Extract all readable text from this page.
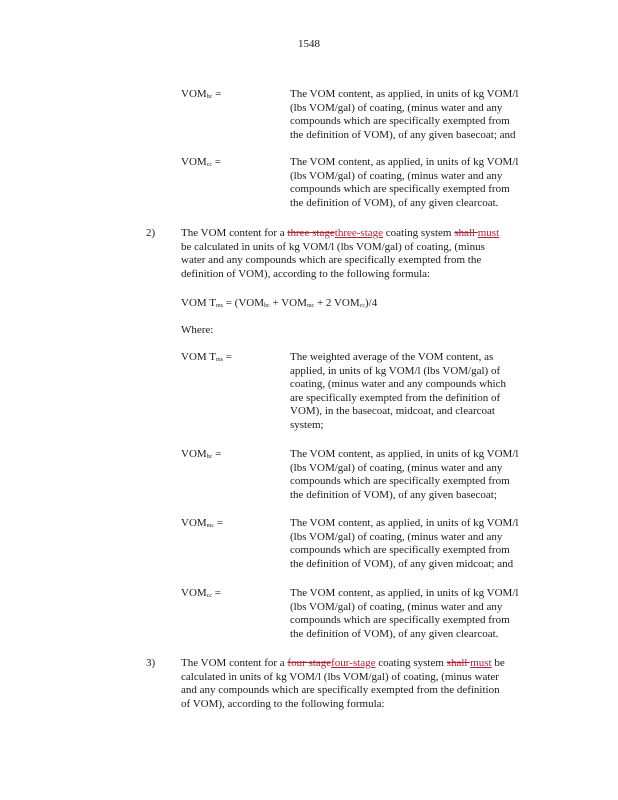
1548
$VOM_{bc}$ =	The VOM content, as applied, in units of kg VOM/l
(lbs VOM/gal) of coating, (minus water and any
compounds which are specifically exempted from
the definition of VOM), of any given basecoat; and
$VOM_{cc}$ =	The VOM content, as applied, in units of kg VOM/l
(lbs VOM/gal) of coating, (minus water and any
compounds which are specifically exempted from
the definition of VOM), of any given clearcoat.
2) The VOM content for a three stagethree-stage coating system shall must
be calculated in units of kg VOM/l (lbs VOM/gal) of coating, (minus
water and any compounds which are specifically exempted from the
definition of VOM), according to the following formula:
VOM $T_{ms} = (VOM_{bc} + VOM_{mc} + 2$ $VOM_{cc})/4$
Where:
VOM $T_{ms}$ =	The weighted average of the VOM content, as
applied, in units of kg VOM/l (lbs VOM/gal) of
coating, (minus water and any compounds which
are specifically exempted from the definition of
VOM), in the basecoat, midcoat, and clearcoat
system;
$VOM_{bc}$ =	The VOM content, as applied, in units of kg VOM/l
(lbs VOM/gal) of coating, (minus water and any
compounds which are specifically exempted from
the definition of VOM), of any given basecoat;
$VOM_{mc}$ =	The VOM content, as applied, in units of kg VOM/l
(lbs VOM/gal) of coating, (minus water and any
compounds which are specifically exempted from
the definition of VOM), of any given midcoat; and
$VOM_{cc}$ =	The VOM content, as applied, in units of kg VOM/l
(lbs VOM/gal) of coating, (minus water and any
compounds which are specifically exempted from
the definition of VOM), of any given clearcoat.
3) The VOM content for a four stagefour-stage coating system shall must be
calculated in units of kg VOM/l (lbs VOM/gal) of coating, (minus water
and any compounds which are specifically exempted from the definition
of VOM), according to the following formula:
